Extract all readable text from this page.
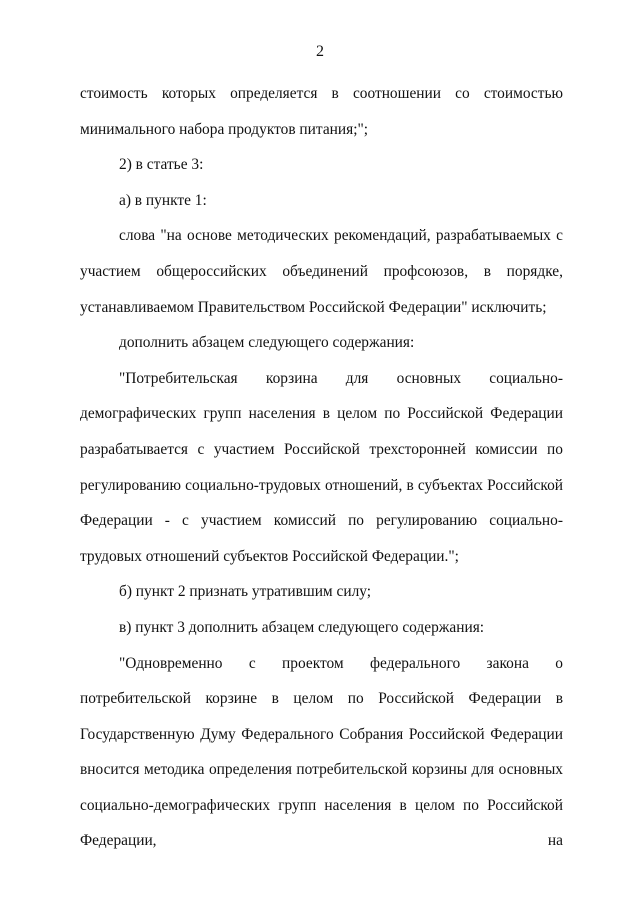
2

стоимость которых определяется в соотношении со стоимостью минимального набора продуктов питания;";

2) в статье 3:

а) в пункте 1:

слова "на основе методических рекомендаций, разрабатываемых с участием общероссийских объединений профсоюзов, в порядке, устанавливаемом Правительством Российской Федерации" исключить;

дополнить абзацем следующего содержания:

"Потребительская корзина для основных социально-демографических групп населения в целом по Российской Федерации разрабатывается с участием Российской трехсторонней комиссии по регулированию социально-трудовых отношений, в субъектах Российской Федерации - с участием комиссий по регулированию социально-трудовых отношений субъектов Российской Федерации.";

б) пункт 2 признать утратившим силу;

в) пункт 3 дополнить абзацем следующего содержания:

"Одновременно с проектом федерального закона о потребительской корзине в целом по Российской Федерации в Государственную Думу Федерального Собрания Российской Федерации вносится методика определения потребительской корзины для основных социально-демографических групп населения в целом по Российской Федерации, на
